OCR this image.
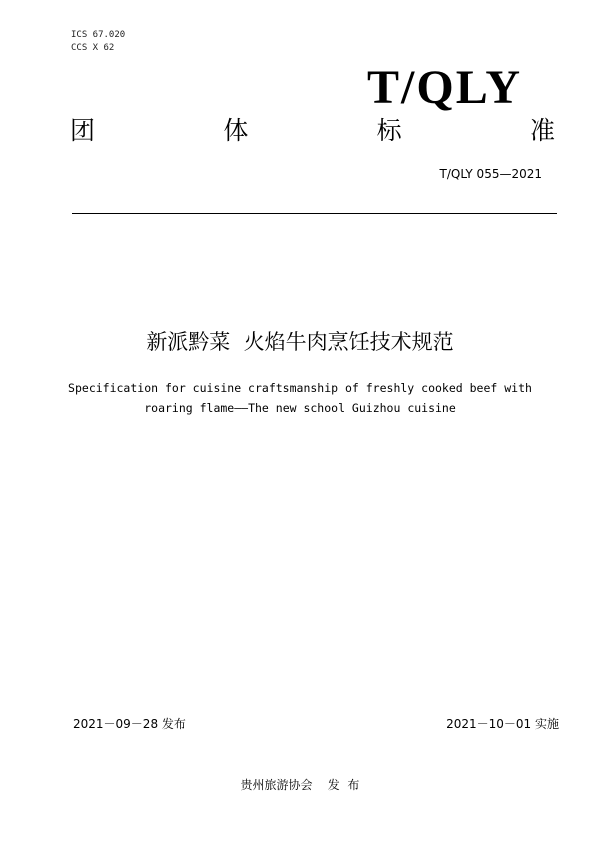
ICS 67.020
CCS X 62
T/QLY
团	体	标	准
T/QLY 055—2021
新派黔菜  火焰牛肉烹饪技术规范
Specification for cuisine craftsmanship of freshly cooked beef with
roaring flame——The new school Guizhou cuisine
2021－09－28 发布	2021－10－01 实施
贵州旅游协会    发  布
